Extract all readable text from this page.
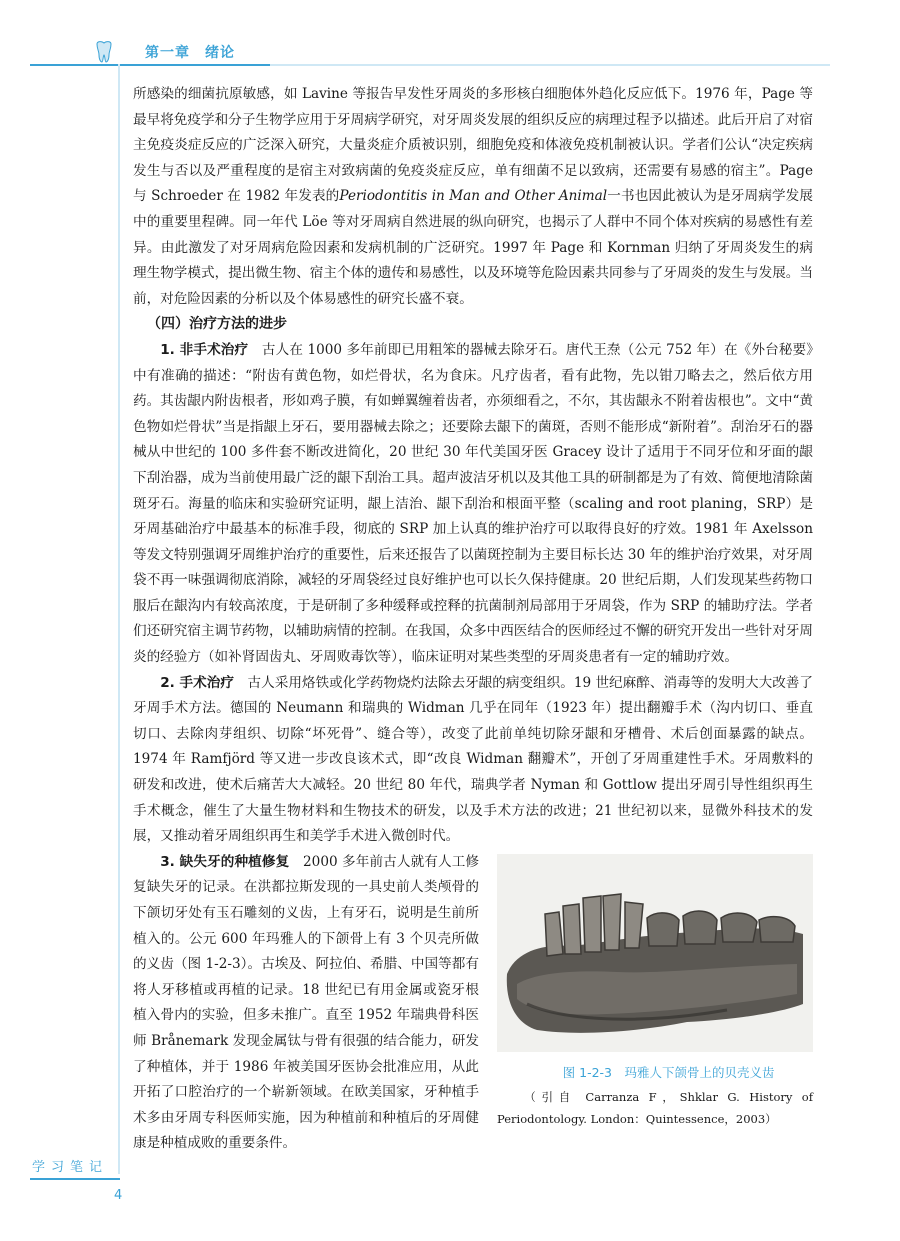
第一章　绪论

所感染的细菌抗原敏感，如 Lavine 等报告早发性牙周炎的多形核白细胞体外趋化反应低下。1976 年，Page 等最早将免疫学和分子生物学应用于牙周病学研究，对牙周炎发展的组织反应的病理过程予以描述。此后开启了对宿主免疫炎症反应的广泛深入研究，大量炎症介质被识别，细胞免疫和体液免疫机制被认识。学者们公认“决定疾病发生与否以及严重程度的是宿主对致病菌的免疫炎症反应，单有细菌不足以致病，还需要有易感的宿主”。Page 与 Schroeder 在 1982 年发表的Periodontitis in Man and Other Animal一书也因此被认为是牙周病学发展中的重要里程碑。同一年代 Löe 等对牙周病自然进展的纵向研究，也揭示了人群中不同个体对疾病的易感性有差异。由此激发了对牙周病危险因素和发病机制的广泛研究。1997 年 Page 和 Kornman 归纳了牙周炎发生的病理生物学模式，提出微生物、宿主个体的遗传和易感性，以及环境等危险因素共同参与了牙周炎的发生与发展。当前，对危险因素的分析以及个体易感性的研究长盛不衰。

（四）治疗方法的进步

1. 非手术治疗　古人在 1000 多年前即已用粗笨的器械去除牙石。唐代王焘（公元 752 年）在《外台秘要》中有准确的描述：“附齿有黄色物，如烂骨状，名为食床。凡疗齿者，看有此物，先以钳刀略去之，然后依方用药。其齿龈内附齿根者，形如鸡子膜，有如蝉翼缠着齿者，亦须细看之，不尔，其齿龈永不附着齿根也”。文中“黄色物如烂骨状”当是指龈上牙石，要用器械去除之；还要除去龈下的菌斑，否则不能形成“新附着”。刮治牙石的器械从中世纪的 100 多件套不断改进简化，20 世纪 30 年代美国牙医 Gracey 设计了适用于不同牙位和牙面的龈下刮治器，成为当前使用最广泛的龈下刮治工具。超声波洁牙机以及其他工具的研制都是为了有效、简便地清除菌斑牙石。海量的临床和实验研究证明，龈上洁治、龈下刮治和根面平整（scaling and root planing，SRP）是牙周基础治疗中最基本的标准手段，彻底的 SRP 加上认真的维护治疗可以取得良好的疗效。1981 年 Axelsson 等发文特别强调牙周维护治疗的重要性，后来还报告了以菌斑控制为主要目标长达 30 年的维护治疗效果，对牙周袋不再一味强调彻底消除，减轻的牙周袋经过良好维护也可以长久保持健康。20 世纪后期，人们发现某些药物口服后在龈沟内有较高浓度，于是研制了多种缓释或控释的抗菌制剂局部用于牙周袋，作为 SRP 的辅助疗法。学者们还研究宿主调节药物，以辅助病情的控制。在我国，众多中西医结合的医师经过不懈的研究开发出一些针对牙周炎的经验方（如补肾固齿丸、牙周败毒饮等），临床证明对某些类型的牙周炎患者有一定的辅助疗效。

2. 手术治疗　古人采用烙铁或化学药物烧灼法除去牙龈的病变组织。19 世纪麻醉、消毒等的发明大大改善了牙周手术方法。德国的 Neumann 和瑞典的 Widman 几乎在同年（1923 年）提出翻瓣手术（沟内切口、垂直切口、去除肉芽组织、切除“坏死骨”、缝合等），改变了此前单纯切除牙龈和牙槽骨、术后创面暴露的缺点。1974 年 Ramfjörd 等又进一步改良该术式，即“改良 Widman 翻瓣术”，开创了牙周重建性手术。牙周敷料的研发和改进，使术后痛苦大大减轻。20 世纪 80 年代，瑞典学者 Nyman 和 Gottlow 提出牙周引导性组织再生手术概念，催生了大量生物材料和生物技术的研发，以及手术方法的改进；21 世纪初以来，显微外科技术的发展，又推动着牙周组织再生和美学手术进入微创时代。

图 1-2-3　玛雅人下颌骨上的贝壳义齿
（引自 Carranza F，Shklar G. History of Periodontology. London：Quintessence，2003）
3. 缺失牙的种植修复　2000 多年前古人就有人工修复缺失牙的记录。在洪都拉斯发现的一具史前人类颅骨的下颌切牙处有玉石雕刻的义齿，上有牙石，说明是生前所植入的。公元 600 年玛雅人的下颌骨上有 3 个贝壳所做的义齿（图 1-2-3）。古埃及、阿拉伯、希腊、中国等都有将人牙移植或再植的记录。18 世纪已有用金属或瓷牙根植入骨内的实验，但多未推广。直至 1952 年瑞典骨科医师 Brånemark 发现金属钛与骨有很强的结合能力，研发了种植体，并于 1986 年被美国牙医协会批准应用，从此开拓了口腔治疗的一个崭新领域。在欧美国家，牙种植手术多由牙周专科医师实施，因为种植前和种植后的牙周健康是种植成败的重要条件。

学习笔记
4
